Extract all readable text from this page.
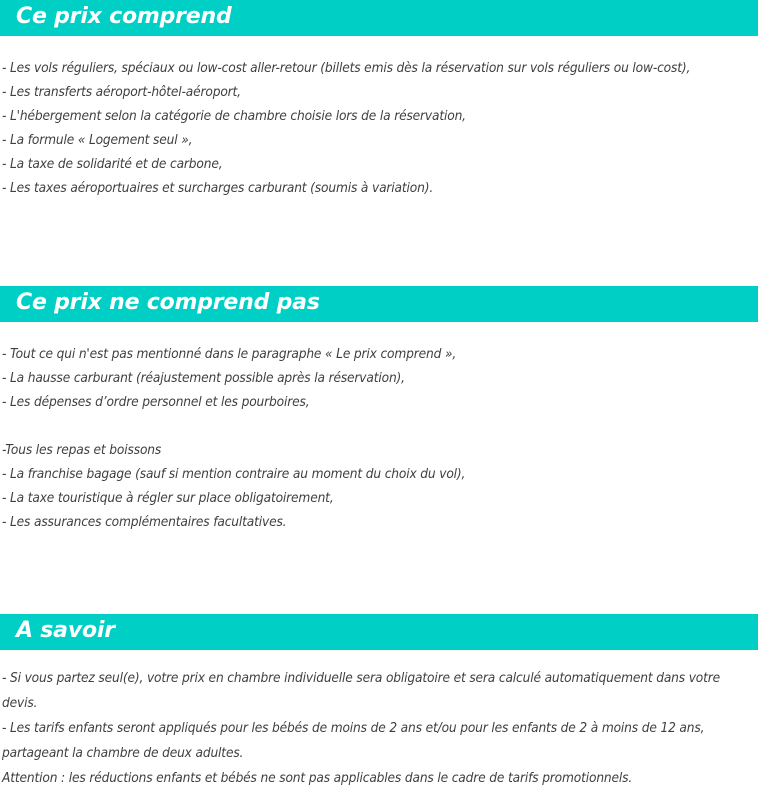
Ce prix comprend
- Les vols réguliers, spéciaux ou low-cost aller-retour (billets emis dès la réservation sur vols réguliers ou low-cost),
- Les transferts aéroport-hôtel-aéroport,
- L'hébergement selon la catégorie de chambre choisie lors de la réservation,
- La formule « Logement seul »,
- La taxe de solidarité et de carbone,
- Les taxes aéroportuaires et surcharges carburant (soumis à variation).
Ce prix ne comprend pas
- Tout ce qui n'est pas mentionné dans le paragraphe « Le prix comprend »,
- La hausse carburant (réajustement possible après la réservation),
- Les dépenses d’ordre personnel et les pourboires,
-Tous les repas et boissons
- La franchise bagage (sauf si mention contraire au moment du choix du vol),
- La taxe touristique à régler sur place obligatoirement,
- Les assurances complémentaires facultatives.
A savoir

- Si vous partez seul(e), votre prix en chambre individuelle sera obligatoire et sera calculé automatiquement dans votre devis.

- Les tarifs enfants seront appliqués pour les bébés de moins de 2 ans et/ou pour les enfants de 2 à moins de 12 ans, partageant la chambre de deux adultes.

Attention : les réductions enfants et bébés ne sont pas applicables dans le cadre de tarifs promotionnels.
